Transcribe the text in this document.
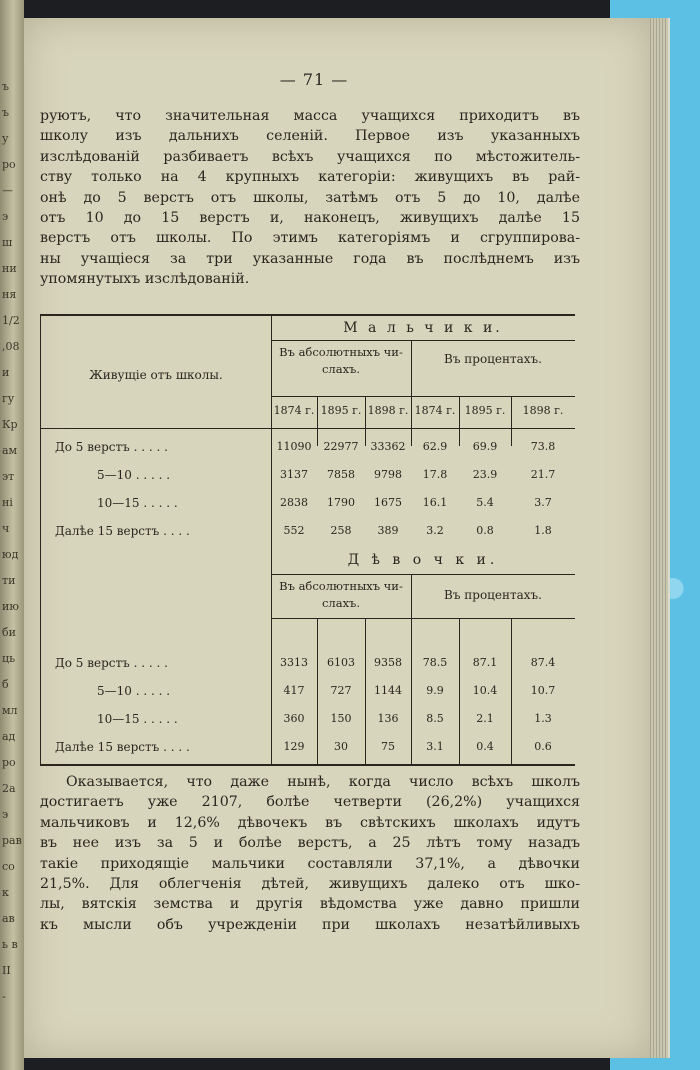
ъ
ъ
у
ро
—
э
ш
ни
ня
1/2
,08
и
гу
Кр
ам
эт
ні
ч
юд
ти
ию
би
ць
б
мл
ад
ро
2а
э
рав
со
к
ав
ь в
II
-
— 71 —
руютъ, что значительная масса учащихся приходитъ въ
школу изъ дальнихъ селеній. Первое изъ указанныхъ
изслѣдованій разбиваетъ всѣхъ учащихся по мѣстожитель-
ству только на 4 крупныхъ категоріи: живущихъ въ рай-
онѣ до 5 верстъ отъ школы, затѣмъ отъ 5 до 10, далѣе
отъ 10 до 15 верстъ и, наконецъ, живущихъ далѣе 15
верстъ отъ школы. По этимъ категоріямъ и сгруппирова-
ны учащіеся за три указанные года въ послѣднемъ изъ
упомянутыхъ изслѣдованій.
Живущіе отъ школы.
М а л ь ч и к и.
Въ абсолютныхъ чи-
слахъ.
Въ процентахъ.
1874 г. 1895 г. 1898 г. 1874 г. 1895 г.	1898 г.
До 5 верстъ . . . . .	11090	22977	33362	62.9	69.9	73.8
5—10 . . . . .	3137	7858	9798	17.8	23.9	21.7
10—15 . . . . .	2838	1790	1675	16.1	5.4	3.7
Далѣе 15 верстъ . . . .	552	258	389	3.2	0.8	1.8
Д ѣ в о ч к и.
Въ абсолютныхъ чи-
слахъ.
Въ процентахъ.
До 5 верстъ . . . . .	3313	6103	9358	78.5	87.1	87.4
5—10 . . . . .	417	727	1144	9.9	10.4	10.7
10—15 . . . . .	360	150	136	8.5	2.1	1.3
Далѣе 15 верстъ . . . .	129	30	75	3.1	0.4	0.6
Оказывается, что даже нынѣ, когда число всѣхъ школъ
достигаетъ уже 2107, болѣе четверти (26,2%) учащихся
мальчиковъ и 12,6% дѣвочекъ въ свѣтскихъ школахъ идутъ
въ нее изъ за 5 и болѣе верстъ, а 25 лѣтъ тому назадъ
такіе приходящіе мальчики составляли 37,1%, а дѣвочки
21,5%. Для облегченія дѣтей, живущихъ далеко отъ шко-
лы, вятскія земства и другія вѣдомства уже давно пришли
къ мысли объ учрежденіи при школахъ незатѣйливыхъ
